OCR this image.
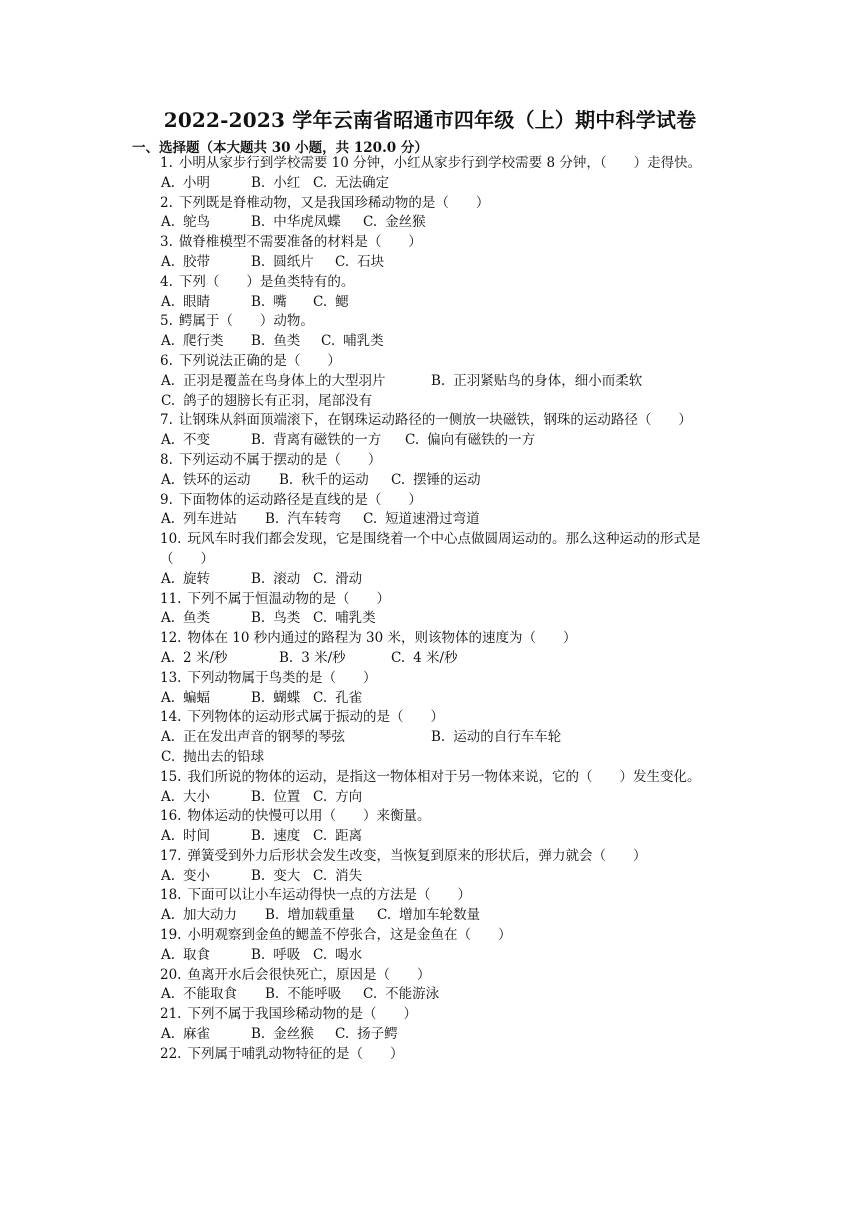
2022-2023 学年云南省昭通市四年级（上）期中科学试卷
一、选择题（本大题共 30 小题，共 120.0 分）

1. 小明从家步行到学校需要 10 分钟，小红从家步行到学校需要 8 分钟，（　　）走得快。

A. 小明	B. 小红 C. 无法确定

2. 下列既是脊椎动物，又是我国珍稀动物的是（　　）

A. 鸵鸟	B. 中华虎凤蝶 C. 金丝猴

3. 做脊椎模型不需要准备的材料是（　　）

A. 胶带	B. 圆纸片 C. 石块

4. 下列（　　）是鱼类特有的。

A. 眼睛	B. 嘴 C. 鳃

5. 鳄属于（　　）动物。

A. 爬行类 B. 鱼类 C. 哺乳类

6. 下列说法正确的是（　　）

A. 正羽是覆盖在鸟身体上的大型羽片	B. 正羽紧贴鸟的身体，细小而柔软
C. 鸽子的翅膀长有正羽，尾部没有

7. 让钢珠从斜面顶端滚下，在钢珠运动路径的一侧放一块磁铁，钢珠的运动路径（　　）

A. 不变	B. 背离有磁铁的一方 C. 偏向有磁铁的一方

8. 下列运动不属于摆动的是（　　）

A. 铁环的运动 B. 秋千的运动 C. 摆锤的运动

9. 下面物体的运动路径是直线的是（　　）

A. 列车进站 B. 汽车转弯 C. 短道速滑过弯道

10. 玩风车时我们都会发现，它是围绕着一个中心点做圆周运动的。那么这种运动的形式是（　　）

A. 旋转	B. 滚动 C. 滑动

11. 下列不属于恒温动物的是（　　）

A. 鱼类	B. 鸟类 C. 哺乳类

12. 物体在 10 秒内通过的路程为 30 米，则该物体的速度为（　　）

A. 2 米/秒	B. 3 米/秒	C. 4 米/秒

13. 下列动物属于鸟类的是（　　）

A. 蝙蝠	B. 蝴蝶 C. 孔雀

14. 下列物体的运动形式属于振动的是（　　）

A. 正在发出声音的钢琴的琴弦	B. 运动的自行车车轮
C. 抛出去的铅球

15. 我们所说的物体的运动，是指这一物体相对于另一物体来说，它的（　　）发生变化。

A. 大小	B. 位置 C. 方向

16. 物体运动的快慢可以用（　　）来衡量。

A. 时间	B. 速度 C. 距离

17. 弹簧受到外力后形状会发生改变，当恢复到原来的形状后，弹力就会（　　）

A. 变小	B. 变大 C. 消失

18. 下面可以让小车运动得快一点的方法是（　　）

A. 加大动力 B. 增加载重量 C. 增加车轮数量

19. 小明观察到金鱼的鳃盖不停张合，这是金鱼在（　　）

A. 取食	B. 呼吸 C. 喝水

20. 鱼离开水后会很快死亡，原因是（　　）

A. 不能取食 B. 不能呼吸 C. 不能游泳

21. 下列不属于我国珍稀动物的是（　　）

A. 麻雀	B. 金丝猴 C. 扬子鳄

22. 下列属于哺乳动物特征的是（　　）
